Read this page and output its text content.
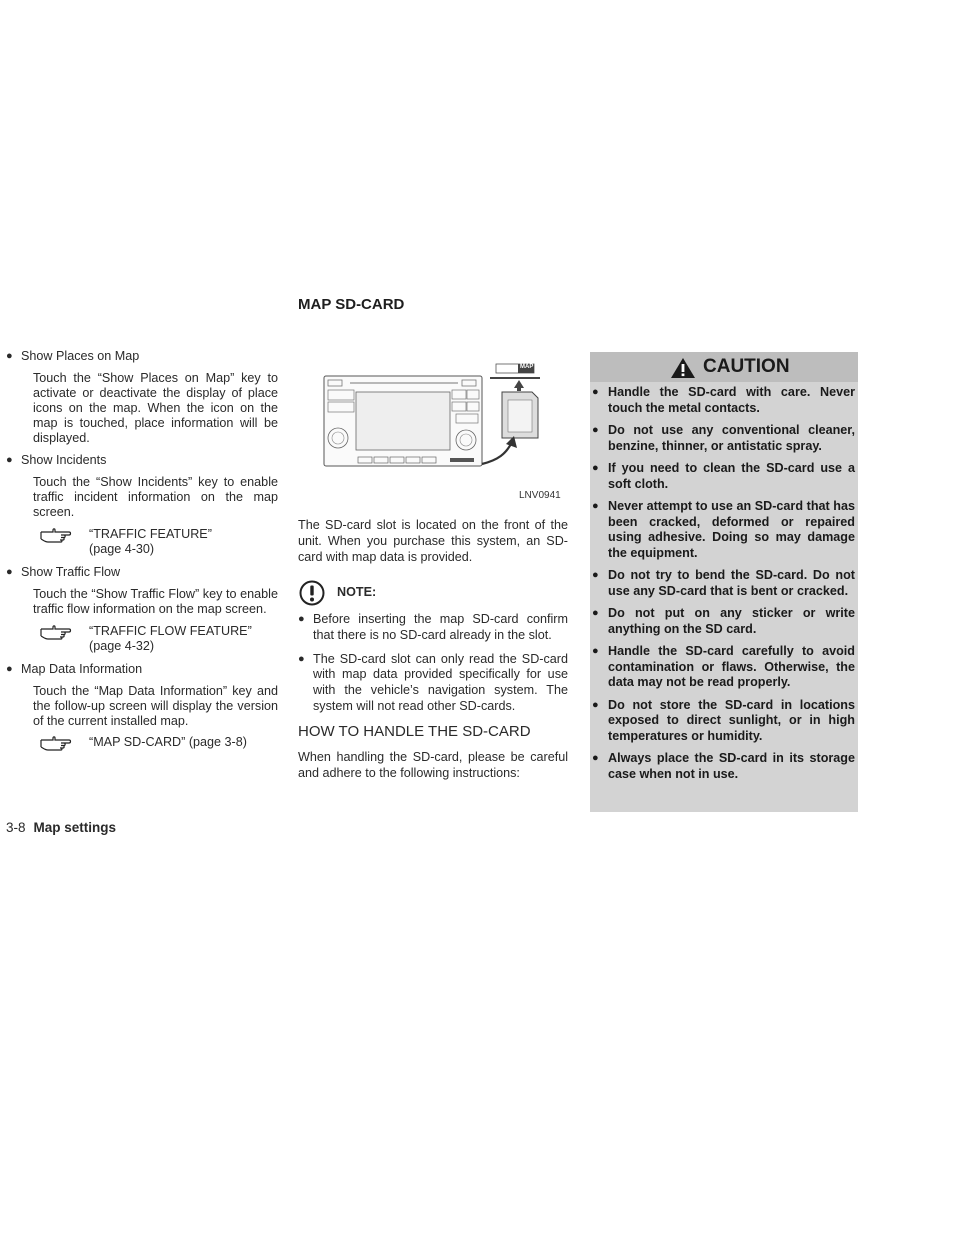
MAP SD-CARD
● Show Places on Map
Touch the “Show Places on Map” key to activate or deactivate the display of place icons on the map. When the icon on the map is touched, place information will be displayed.
● Show Incidents
Touch the “Show Incidents” key to enable traffic incident information on the map screen.
“TRAFFIC FEATURE”
(page 4-30)
● Show Traffic Flow
Touch the “Show Traffic Flow” key to enable traffic flow information on the map screen.
“TRAFFIC FLOW FEATURE”
(page 4-32)
● Map Data Information
Touch the “Map Data Information” key and the follow-up screen will display the version of the current installed map.
“MAP SD-CARD” (page 3-8)
MAP
LNV0941

The SD-card slot is located on the front of the unit. When you purchase this system, an SD-card with map data is provided.

NOTE:
● Before inserting the map SD-card confirm that there is no SD-card already in the slot.
● The SD-card slot can only read the SD-card with map data provided specifically for use with the vehicle’s navigation system. The system will not read other SD-cards.
HOW TO HANDLE THE SD-CARD

When handling the SD-card, please be careful and adhere to the following instructions:

CAUTION
● Handle the SD-card with care. Never touch the metal contacts.
● Do not use any conventional cleaner, benzine, thinner, or antistatic spray.
● If you need to clean the SD-card use a soft cloth.
● Never attempt to use an SD-card that has been cracked, deformed or repaired using adhesive. Doing so may damage the equipment.
● Do not try to bend the SD-card. Do not use any SD-card that is bent or cracked.
● Do not put on any sticker or write anything on the SD card.
● Handle the SD-card carefully to avoid contamination or flaws. Otherwise, the data may not be read properly.
● Do not store the SD-card in locations exposed to direct sunlight, or in high temperatures or humidity.
● Always place the SD-card in its storage case when not in use.
3-8 Map settings
